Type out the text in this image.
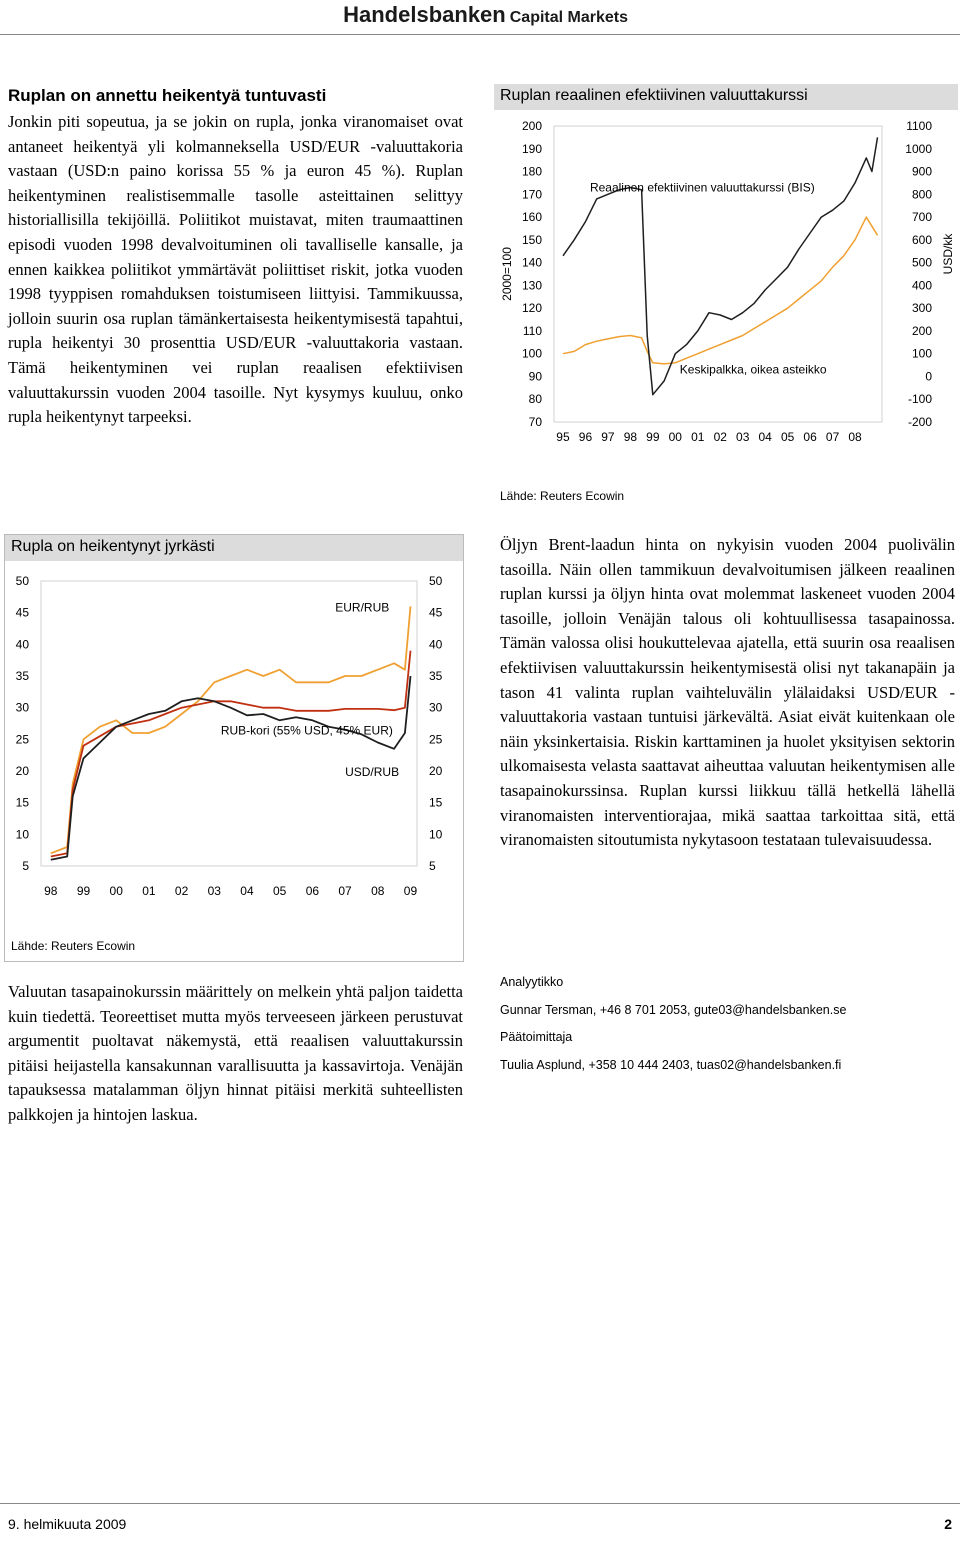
Handelsbanken Capital Markets
Ruplan on annettu heikentyä tuntuvasti

Jonkin piti sopeutua, ja se jokin on rupla, jonka viranomaiset ovat antaneet heikentyä yli kolmanneksella USD/EUR -valuuttakoria vastaan (USD:n paino korissa 55 % ja euron 45 %). Ruplan heikentyminen realistisemmalle tasolle asteittainen selittyy historiallisilla tekijöillä. Poliitikot muistavat, miten traumaattinen episodi vuoden 1998 devalvoituminen oli tavalliselle kansalle, ja ennen kaikkea poliitikot ymmärtävät poliittiset riskit, jotka vuoden 1998 tyyppisen romahduksen toistumiseen liittyisi. Tammikuussa, jolloin suurin osa ruplan tämänkertaisesta heikentymisestä tapahtui, rupla heikentyi 30 prosenttia USD/EUR -valuuttakoria vastaan. Tämä heikentyminen vei ruplan reaalisen efektiivisen valuuttakurssin vuoden 2004 tasoille. Nyt kysymys kuuluu, onko rupla heikentynyt tarpeeksi.

Ruplan reaalinen efektiivinen valuuttakurssi
70
80
90
100
110
120
130
140
150
160
170
180
190
200
-200
-100
0
100
200
300
400
500
600
700
800
900
1000
1100
95 96 97 98 99 00 01 02 03 04 05 06 07 08
2000=100	USD/kk
Reaalinen efektiivinen valuuttakurssi (BIS)
Keskipalkka, oikea asteikko
Lähde: Reuters Ecowin
Rupla on heikentynyt jyrkästi
5	5
10	10
15	15
20	20
25	25
30	30
35	35
40	40
45	45
50	50
98 99 00 01 02 03 04 05 06 07 08 09
EUR/RUB
RUB-kori (55% USD, 45% EUR)
USD/RUB
Lähde: Reuters Ecowin

Valuutan tasapainokurssin määrittely on melkein yhtä paljon taidetta kuin tiedettä. Teoreettiset mutta myös terveeseen järkeen perustuvat argumentit puoltavat näkemystä, että reaalisen valuuttakurssin pitäisi heijastella kansakunnan varallisuutta ja kassavirtoja. Venäjän tapauksessa matalamman öljyn hinnat pitäisi merkitä suhteellisten palkkojen ja hintojen laskua.

Öljyn Brent-laadun hinta on nykyisin vuoden 2004 puolivälin tasoilla. Näin ollen tammikuun devalvoitumisen jälkeen reaalinen ruplan kurssi ja öljyn hinta ovat molemmat laskeneet vuoden 2004 tasoille, jolloin Venäjän talous oli kohtuullisessa tasapainossa. Tämän valossa olisi houkuttelevaa ajatella, että suurin osa reaalisen efektiivisen valuuttakurssin heikentymisestä olisi nyt takanapäin ja tason 41 valinta ruplan vaihteluvälin ylälaidaksi USD/EUR -valuuttakoria vastaan tuntuisi järkevältä. Asiat eivät kuitenkaan ole näin yksinkertaisia. Riskin karttaminen ja huolet yksityisen sektorin ulkomaisesta velasta saattavat aiheuttaa valuutan heikentymisen alle tasapainokurssinsa. Ruplan kurssi liikkuu tällä hetkellä lähellä viranomaisten interventiorajaa, mikä saattaa tarkoittaa sitä, että viranomaisten sitoutumista nykytasoon testataan tulevaisuudessa.

Analyytikko
Gunnar Tersman, +46 8 701 2053, gute03@handelsbanken.se
Päätoimittaja
Tuulia Asplund, +358 10 444 2403, tuas02@handelsbanken.fi
9. helmikuuta 2009	2
